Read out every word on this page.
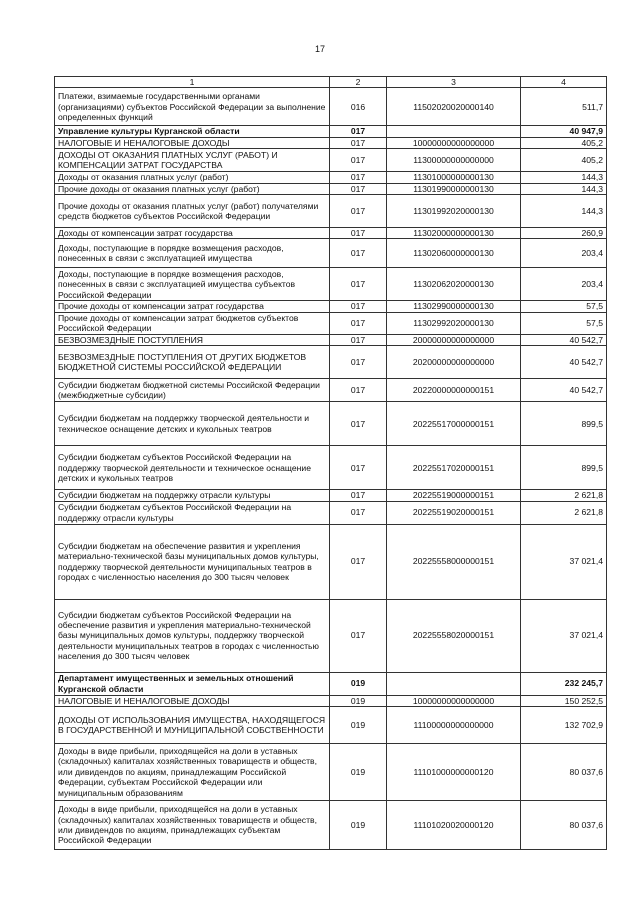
17
1	2	3	4
Платежи, взимаемые государственными органами (организациями) субъектов Российской Федерации за выполнение определенных функций	016	11502020020000140	511,7
Управление культуры Курганской области	017		40 947,9
НАЛОГОВЫЕ И НЕНАЛОГОВЫЕ ДОХОДЫ	017	10000000000000000	405,2
ДОХОДЫ ОТ ОКАЗАНИЯ ПЛАТНЫХ УСЛУГ (РАБОТ) И КОМПЕНСАЦИИ ЗАТРАТ ГОСУДАРСТВА	017	11300000000000000	405,2
Доходы от оказания платных услуг (работ)	017	11301000000000130	144,3
Прочие доходы от оказания платных услуг (работ)	017	11301990000000130	144,3
Прочие доходы от оказания платных услуг (работ) получателями средств бюджетов субъектов Российской Федерации	017	11301992020000130	144,3
Доходы от компенсации затрат государства	017	11302000000000130	260,9
Доходы, поступающие в порядке возмещения расходов, понесенных в связи с эксплуатацией имущества	017	11302060000000130	203,4
Доходы, поступающие в порядке возмещения расходов, понесенных в связи с эксплуатацией имущества субъектов Российской Федерации	017	11302062020000130	203,4
Прочие доходы от компенсации затрат государства	017	11302990000000130	57,5
Прочие доходы от компенсации затрат бюджетов субъектов Российской Федерации	017	11302992020000130	57,5
БЕЗВОЗМЕЗДНЫЕ ПОСТУПЛЕНИЯ	017	20000000000000000	40 542,7
БЕЗВОЗМЕЗДНЫЕ ПОСТУПЛЕНИЯ ОТ ДРУГИХ БЮДЖЕТОВ БЮДЖЕТНОЙ СИСТЕМЫ РОССИЙСКОЙ ФЕДЕРАЦИИ	017	20200000000000000	40 542,7
Субсидии бюджетам бюджетной системы Российской Федерации (межбюджетные субсидии)	017	20220000000000151	40 542,7
Субсидии бюджетам на поддержку творческой деятельности и техническое оснащение детских и кукольных театров	017	20225517000000151	899,5
Субсидии бюджетам субъектов Российской Федерации на поддержку творческой деятельности и техническое оснащение детских и кукольных театров	017	20225517020000151	899,5
Субсидии бюджетам на поддержку отрасли культуры	017	20225519000000151	2 621,8
Субсидии бюджетам субъектов Российской Федерации на поддержку отрасли культуры	017	20225519020000151	2 621,8
Субсидии бюджетам на обеспечение развития и укрепления материально-технической базы муниципальных домов культуры, поддержку творческой деятельности муниципальных театров в городах с численностью населения до 300 тысяч человек	017	20225558000000151	37 021,4
Субсидии бюджетам субъектов Российской Федерации на обеспечение развития и укрепления материально-технической базы муниципальных домов культуры, поддержку творческой деятельности муниципальных театров в городах с численностью населения до 300 тысяч человек	017	20225558020000151	37 021,4
Департамент имущественных и земельных отношений Курганской области	019		232 245,7
НАЛОГОВЫЕ И НЕНАЛОГОВЫЕ ДОХОДЫ	019	10000000000000000	150 252,5
ДОХОДЫ ОТ ИСПОЛЬЗОВАНИЯ ИМУЩЕСТВА, НАХОДЯЩЕГОСЯ В ГОСУДАРСТВЕННОЙ И МУНИЦИПАЛЬНОЙ СОБСТВЕННОСТИ	019	11100000000000000	132 702,9
Доходы в виде прибыли, приходящейся на доли в уставных (складочных) капиталах хозяйственных товариществ и обществ, или дивидендов по акциям, принадлежащим Российской Федерации, субъектам Российской Федерации или муниципальным образованиям	019	11101000000000120	80 037,6
Доходы в виде прибыли, приходящейся на доли в уставных (складочных) капиталах хозяйственных товариществ и обществ, или дивидендов по акциям, принадлежащих субъектам Российской Федерации	019	11101020020000120	80 037,6
